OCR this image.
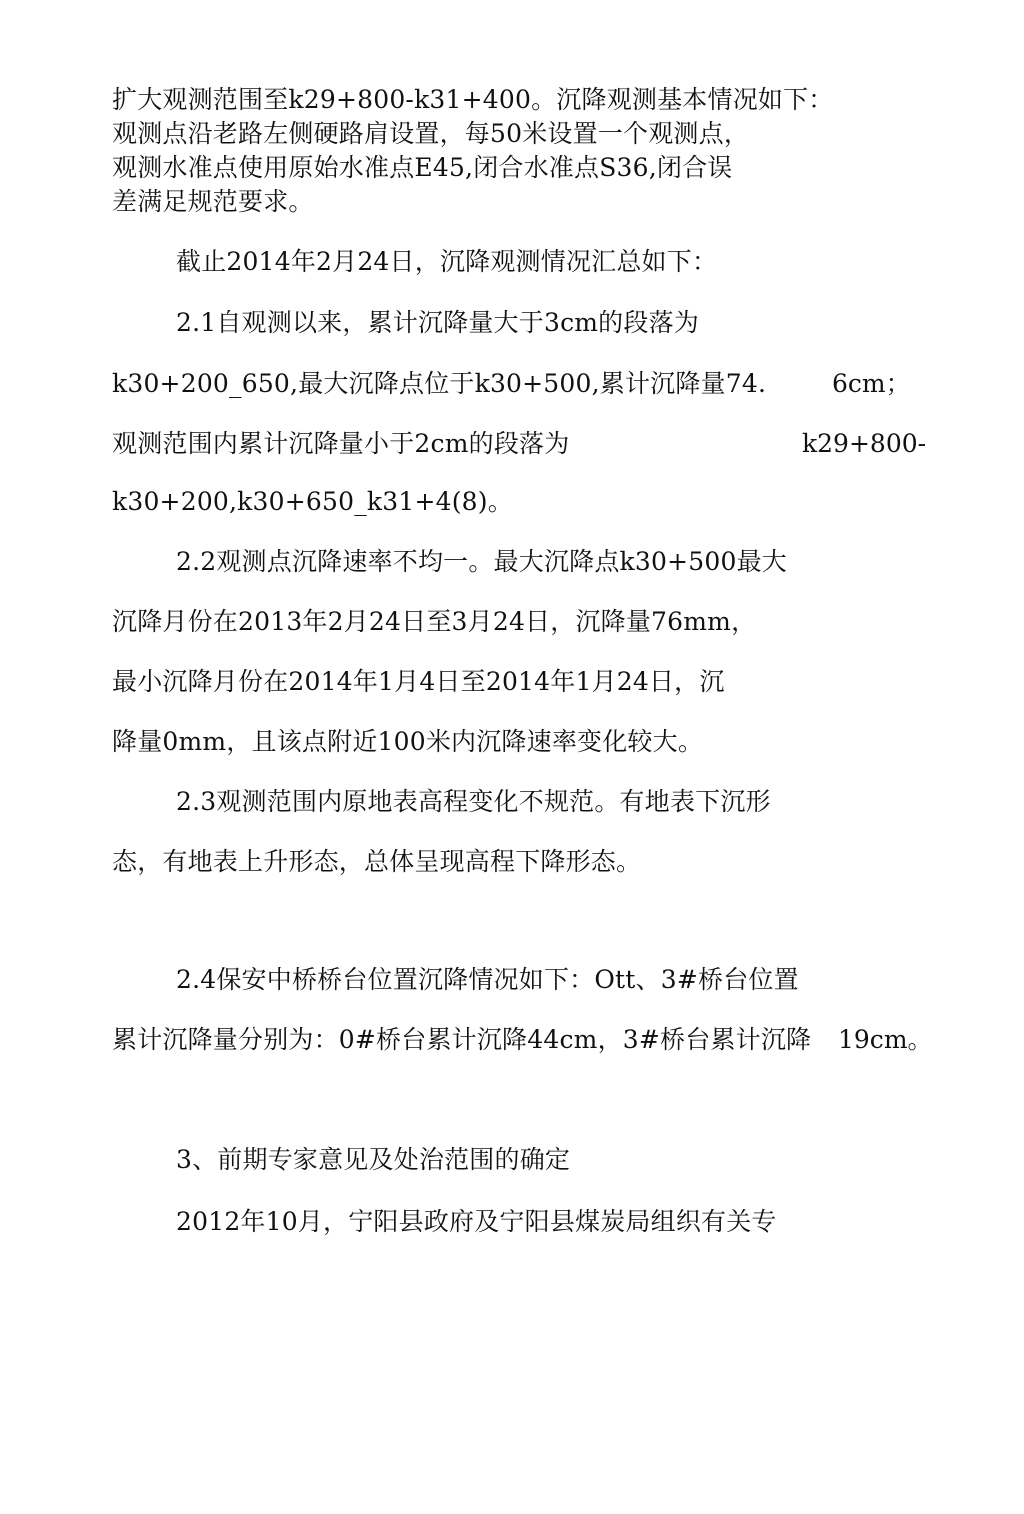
扩大观测范围至k29+800-k31+400。沉降观测基本情况如下：
观测点沿老路左侧硬路肩设置，每50米设置一个观测点，
观测水准点使用原始水准点E45,闭合水准点S36,闭合误
差满足规范要求。
截止2014年2月24日，沉降观测情况汇总如下：
2.1自观测以来，累计沉降量大于3cm的段落为
k30+200_650,最大沉降点位于k30+500,累计沉降量74.	6cm；
观测范围内累计沉降量小于2cm的段落为	k29+800-
k30+200,k30+650_k31+4(8)。
2.2观测点沉降速率不均一。最大沉降点k30+500最大
沉降月份在2013年2月24日至3月24日，沉降量76mm，
最小沉降月份在2014年1月4日至2014年1月24日，沉
降量0mm，且该点附近100米内沉降速率变化较大。
2.3观测范围内原地表高程变化不规范。有地表下沉形
态，有地表上升形态，总体呈现高程下降形态。
2.4保安中桥桥台位置沉降情况如下：Ott、3#桥台位置
累计沉降量分别为：0#桥台累计沉降44cm，3#桥台累计沉降 19cm。
3、前期专家意见及处治范围的确定
2012年10月，宁阳县政府及宁阳县煤炭局组织有关专
